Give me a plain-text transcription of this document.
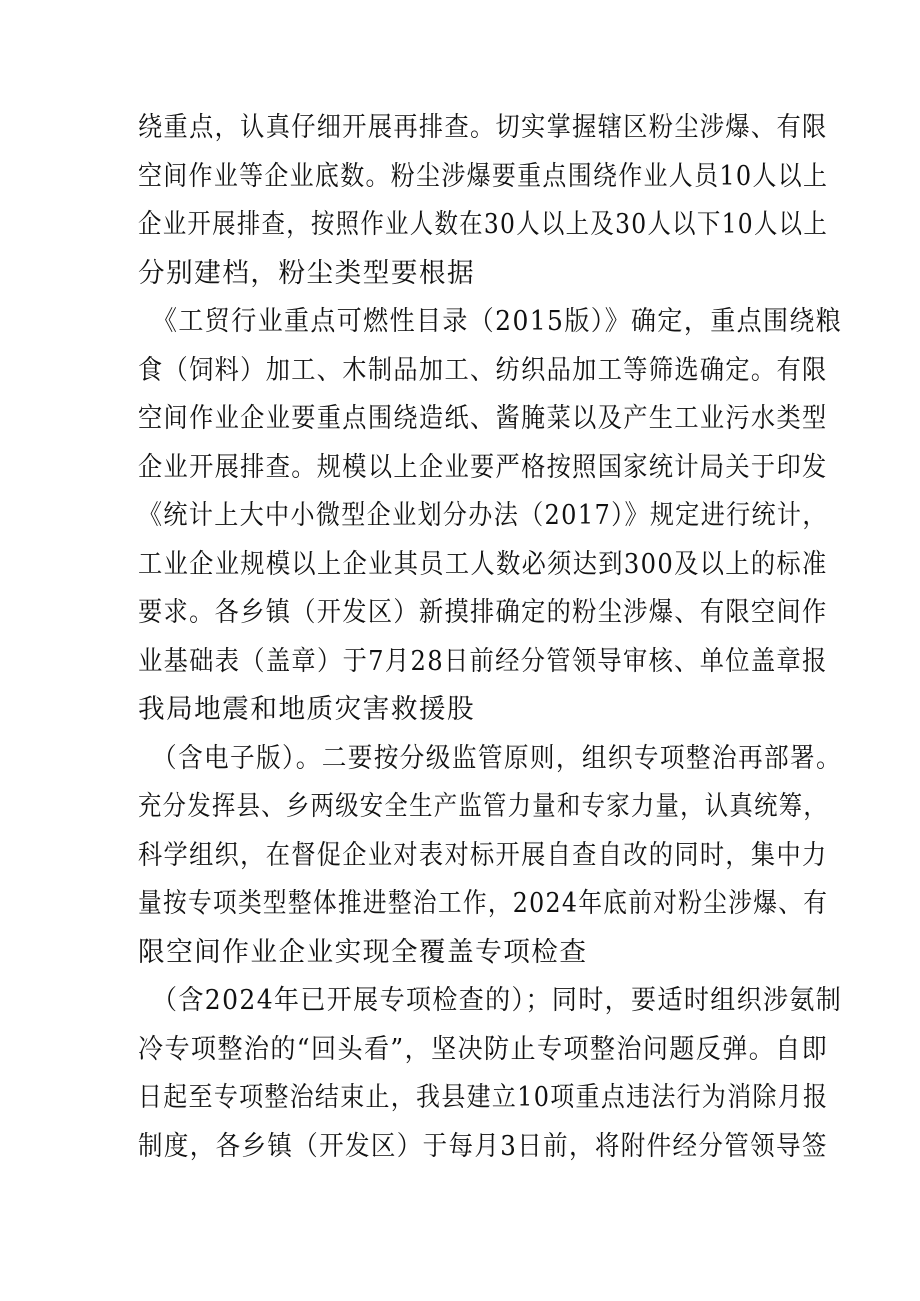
绕重点，认真仔细开展再排查。切实掌握辖区粉尘涉爆、有限
空间作业等企业底数。粉尘涉爆要重点围绕作业人员10人以上
企业开展排查，按照作业人数在30人以上及30人以下10人以上
分别建档，粉尘类型要根据
《工贸行业重点可燃性目录（2015版）》确定，重点围绕粮
食（饲料）加工、木制品加工、纺织品加工等筛选确定。有限
空间作业企业要重点围绕造纸、酱腌菜以及产生工业污水类型
企业开展排查。规模以上企业要严格按照国家统计局关于印发
《统计上大中小微型企业划分办法（2017）》规定进行统计，
工业企业规模以上企业其员工人数必须达到300及以上的标准
要求。各乡镇（开发区）新摸排确定的粉尘涉爆、有限空间作
业基础表（盖章）于7月28日前经分管领导审核、单位盖章报
我局地震和地质灾害救援股
（含电子版）。二要按分级监管原则，组织专项整治再部署。
充分发挥县、乡两级安全生产监管力量和专家力量，认真统筹，
科学组织，在督促企业对表对标开展自查自改的同时，集中力
量按专项类型整体推进整治工作，2024年底前对粉尘涉爆、有
限空间作业企业实现全覆盖专项检查
（含2024年已开展专项检查的）；同时，要适时组织涉氨制
冷专项整治的“回头看”，坚决防止专项整治问题反弹。自即
日起至专项整治结束止，我县建立10项重点违法行为消除月报
制度，各乡镇（开发区）于每月3日前，将附件经分管领导签
